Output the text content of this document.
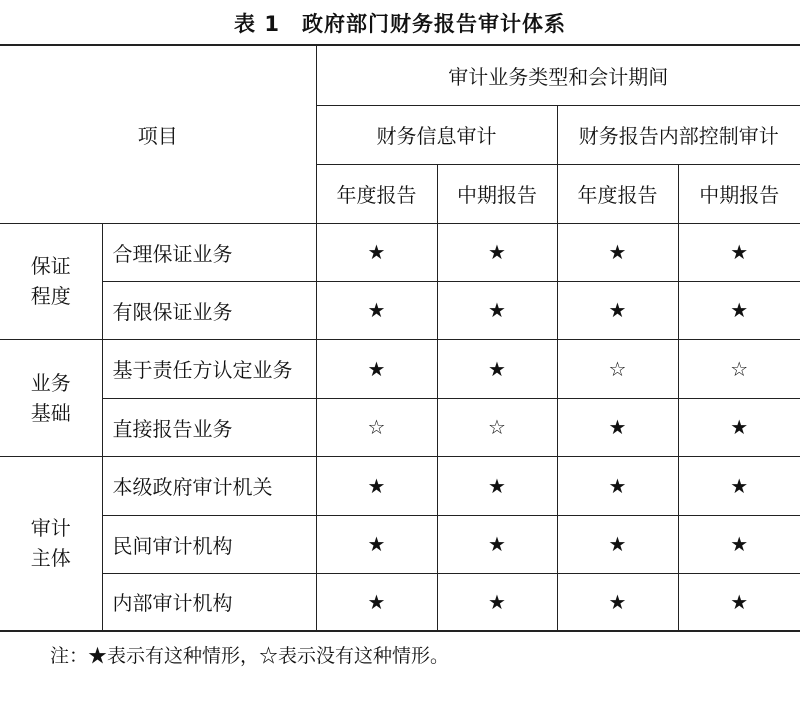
表 1　政府部门财务报告审计体系
项目		审计业务类型和会计期间			
		财务信息审计		财务报告内部控制审计	
		年度报告	中期报告	年度报告	中期报告

保证
程度	合理保证业务	★	★	★	★
	有限保证业务	★	★	★	★

业务
基础	基于责任方认定业务	★	★	☆	☆
	直接报告业务	☆	☆	★	★

审计
主体	本级政府审计机关	★	★	★	★
	民间审计机构	★	★	★	★
	内部审计机构	★	★	★	★
注：★表示有这种情形，☆表示没有这种情形。
